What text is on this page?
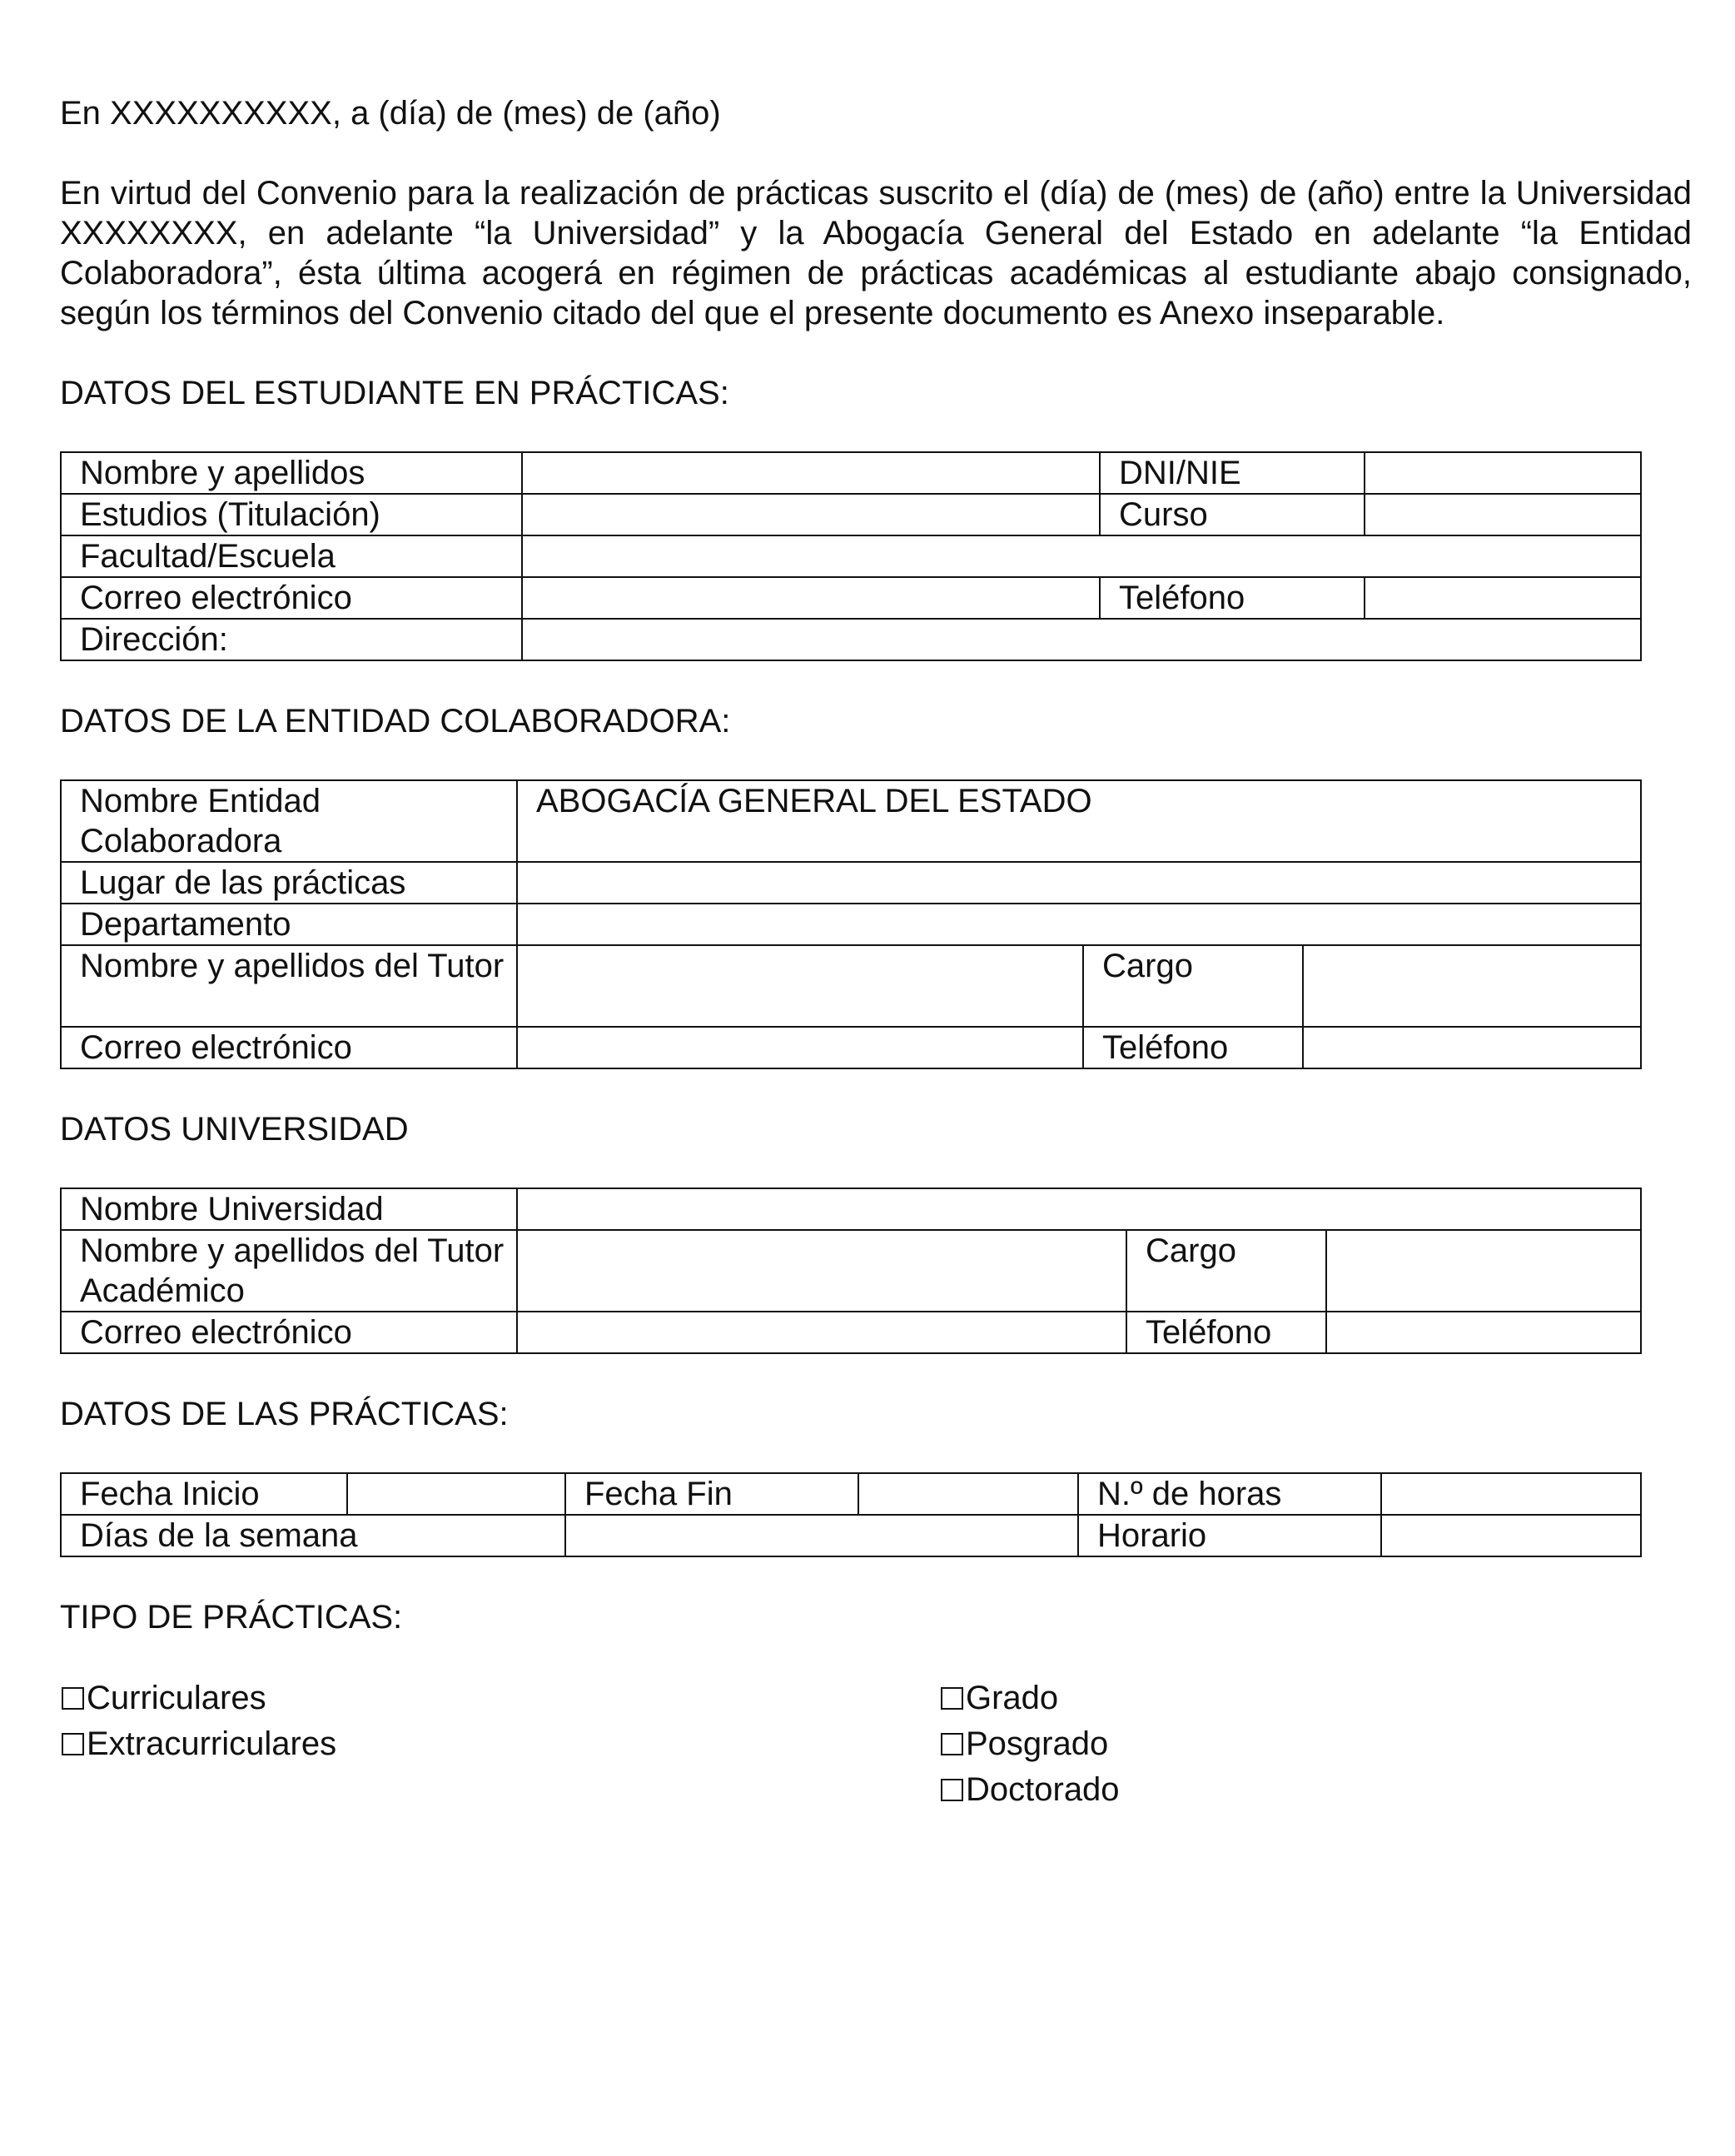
En XXXXXXXXXX, a (día) de (mes) de (año)

En virtud del Convenio para la realización de prácticas suscrito el (día) de (mes) de (año) entre la Universidad XXXXXXXX, en adelante “la Universidad” y la Abogacía General del Estado en adelante “la Entidad Colaboradora”, ésta última acogerá en régimen de prácticas académicas al estudiante abajo consignado, según los términos del Convenio citado del que el presente documento es Anexo inseparable.

DATOS DEL ESTUDIANTE EN PRÁCTICAS:

Nombre y apellidos		DNI/NIE	
Estudios (Titulación)		Curso	
Facultad/Escuela			
Correo electrónico		Teléfono	
Dirección:			

DATOS DE LA ENTIDAD COLABORADORA:

Nombre Entidad Colaboradora	ABOGACÍA GENERAL DEL ESTADO		
Lugar de las prácticas			
Departamento			
Nombre y apellidos del Tutor		Cargo	
Correo electrónico		Teléfono	

DATOS UNIVERSIDAD

Nombre Universidad			
Nombre y apellidos del Tutor Académico		Cargo	
Correo electrónico		Teléfono	

DATOS DE LAS PRÁCTICAS:

Fecha Inicio		Fecha Fin		N.º de horas	
Días de la semana				Horario	

TIPO DE PRÁCTICAS:

Curriculares
Extracurriculares
Grado
Posgrado
Doctorado
